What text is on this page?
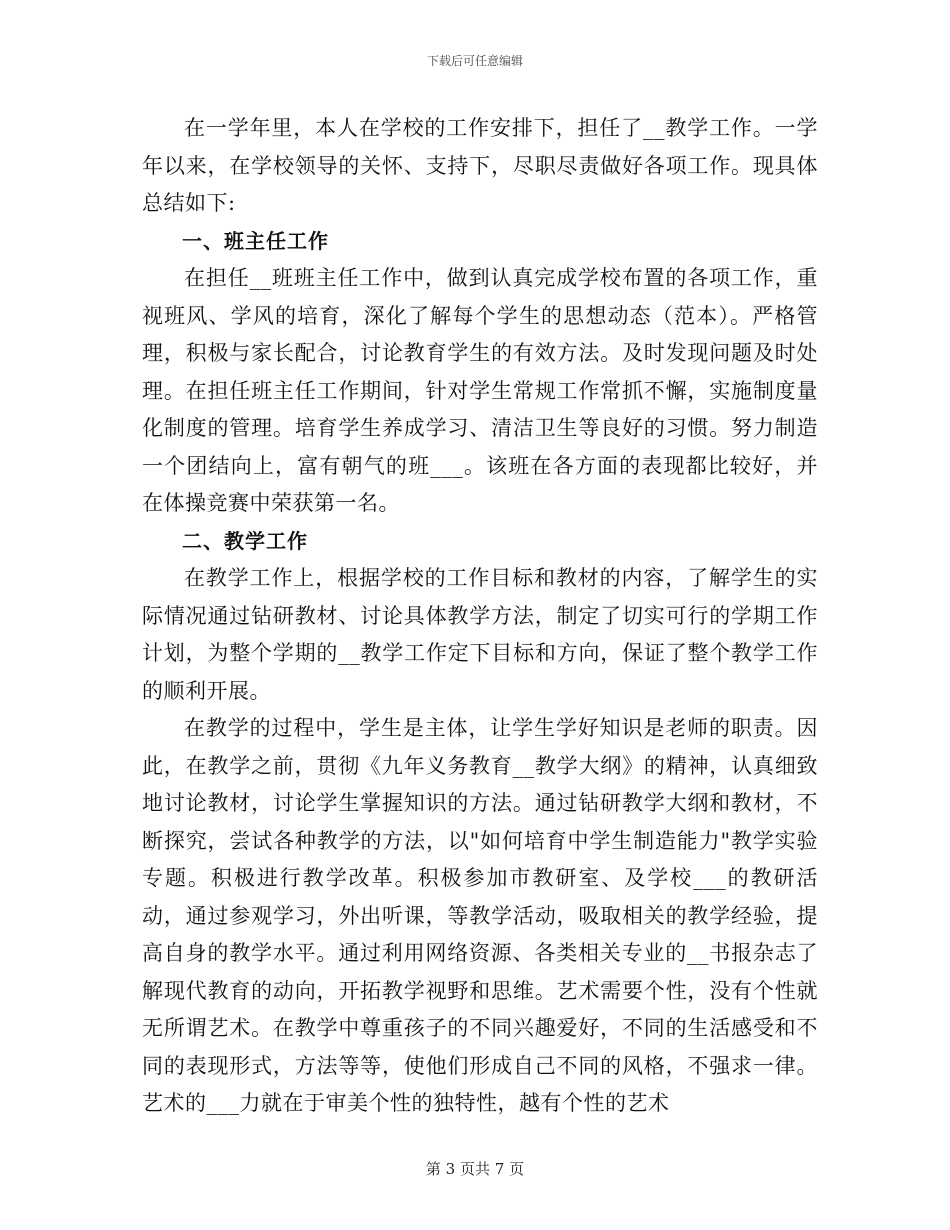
下载后可任意编辑

在一学年里，本人在学校的工作安排下，担任了__教学工作。一学年以来，在学校领导的关怀、支持下，尽职尽责做好各项工作。现具体总结如下:

一、班主任工作

在担任__班班主任工作中，做到认真完成学校布置的各项工作，重视班风、学风的培育，深化了解每个学生的思想动态（范本）。严格管理，积极与家长配合，讨论教育学生的有效方法。及时发现问题及时处理。在担任班主任工作期间，针对学生常规工作常抓不懈，实施制度量化制度的管理。培育学生养成学习、清洁卫生等良好的习惯。努力制造一个团结向上，富有朝气的班___。该班在各方面的表现都比较好，并在体操竞赛中荣获第一名。

二、教学工作

在教学工作上，根据学校的工作目标和教材的内容，了解学生的实际情况通过钻研教材、讨论具体教学方法，制定了切实可行的学期工作计划，为整个学期的__教学工作定下目标和方向，保证了整个教学工作的顺利开展。

在教学的过程中，学生是主体，让学生学好知识是老师的职责。因此，在教学之前，贯彻《九年义务教育__教学大纲》的精神，认真细致地讨论教材，讨论学生掌握知识的方法。通过钻研教学大纲和教材，不断探究，尝试各种教学的方法，以"如何培育中学生制造能力"教学实验专题。积极进行教学改革。积极参加市教研室、及学校___的教研活动，通过参观学习，外出听课，等教学活动，吸取相关的教学经验，提高自身的教学水平。通过利用网络资源、各类相关专业的__书报杂志了解现代教育的动向，开拓教学视野和思维。艺术需要个性，没有个性就无所谓艺术。在教学中尊重孩子的不同兴趣爱好，不同的生活感受和不同的表现形式，方法等等，使他们形成自己不同的风格，不强求一律。艺术的___力就在于审美个性的独特性，越有个性的艺术

第 3 页共 7 页
